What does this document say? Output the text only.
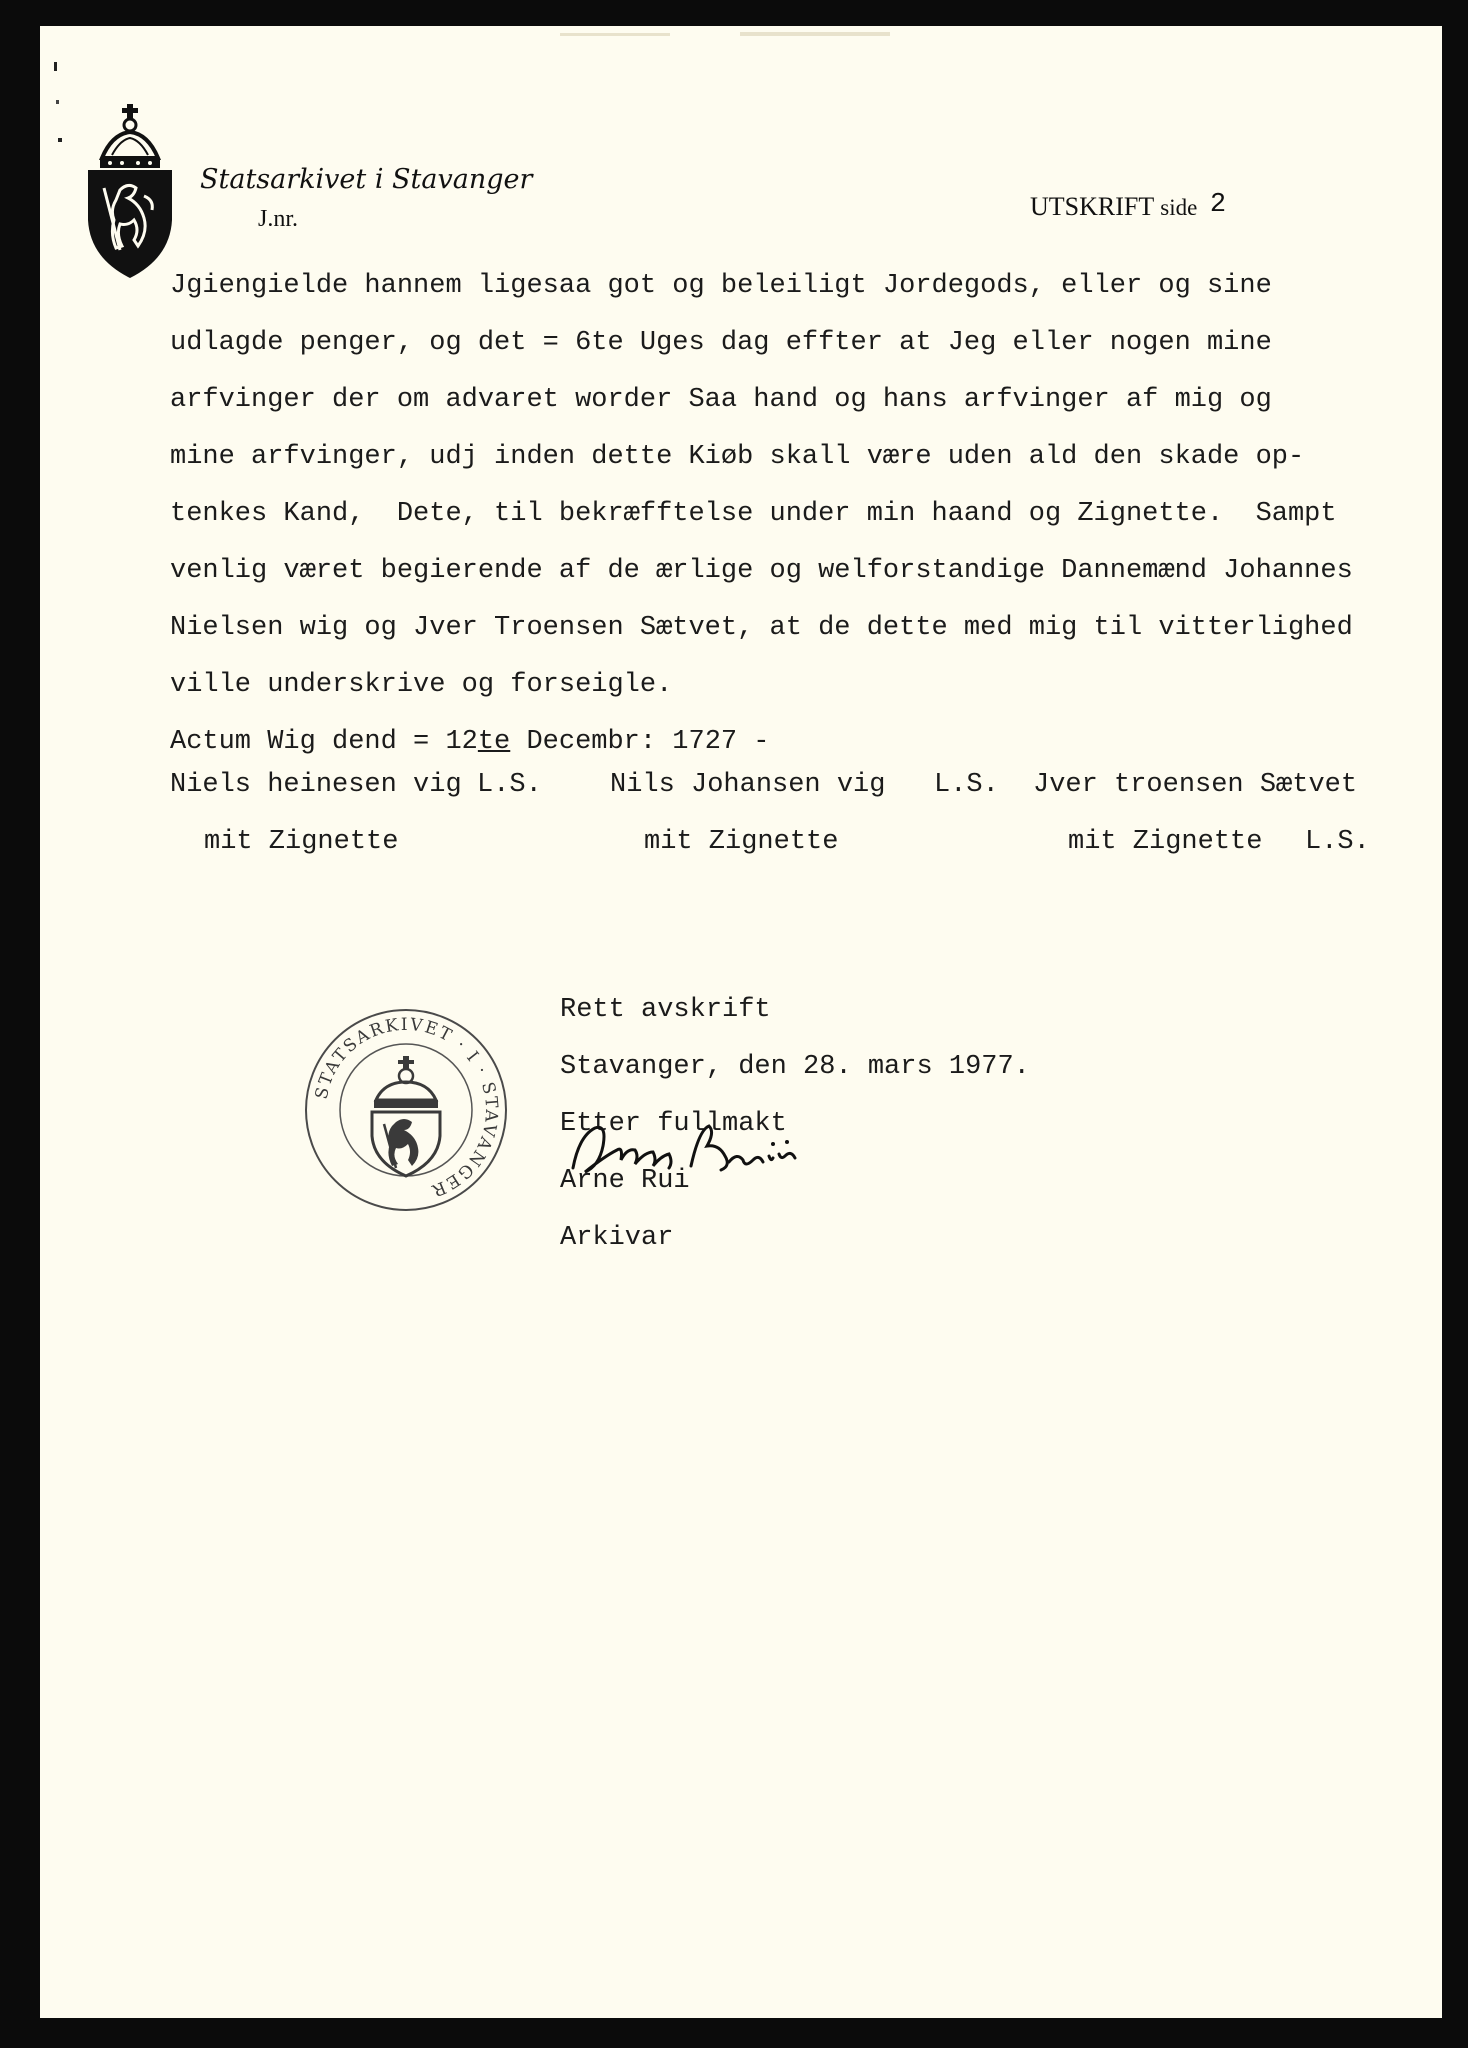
Statsarkivet i Stavanger
J.nr.	UTSKRIFT side 2
Jgiengielde hannem ligesaa got og beleiligt Jordegods, eller og sine
udlagde penger, og det = 6te Uges dag effter at Jeg eller nogen mine
arfvinger der om advaret worder Saa hand og hans arfvinger af mig og
mine arfvinger, udj inden dette Kiøb skall være uden ald den skade op-
tenkes Kand,  Dete, til bekræfftelse under min haand og Zignette.  Sampt
venlig været begierende af de ærlige og welforstandige Dannemænd Johannes
Nielsen wig og Jver Troensen Sætvet, at de dette med mig til vitterlighed
ville underskrive og forseigle.
Actum Wig dend = 12te Decembr: 1727 -
Niels heinesen vig L.S.	Nils Johansen vig L.S. Jver troensen Sætvet
mit Zignette	mit Zignette	mit Zignette L.S.
STATSARKIVET · I · STAVANGER
Rett avskrift
Stavanger, den 28. mars 1977.
Etter fullmakt
Arne Rui
Arkivar
